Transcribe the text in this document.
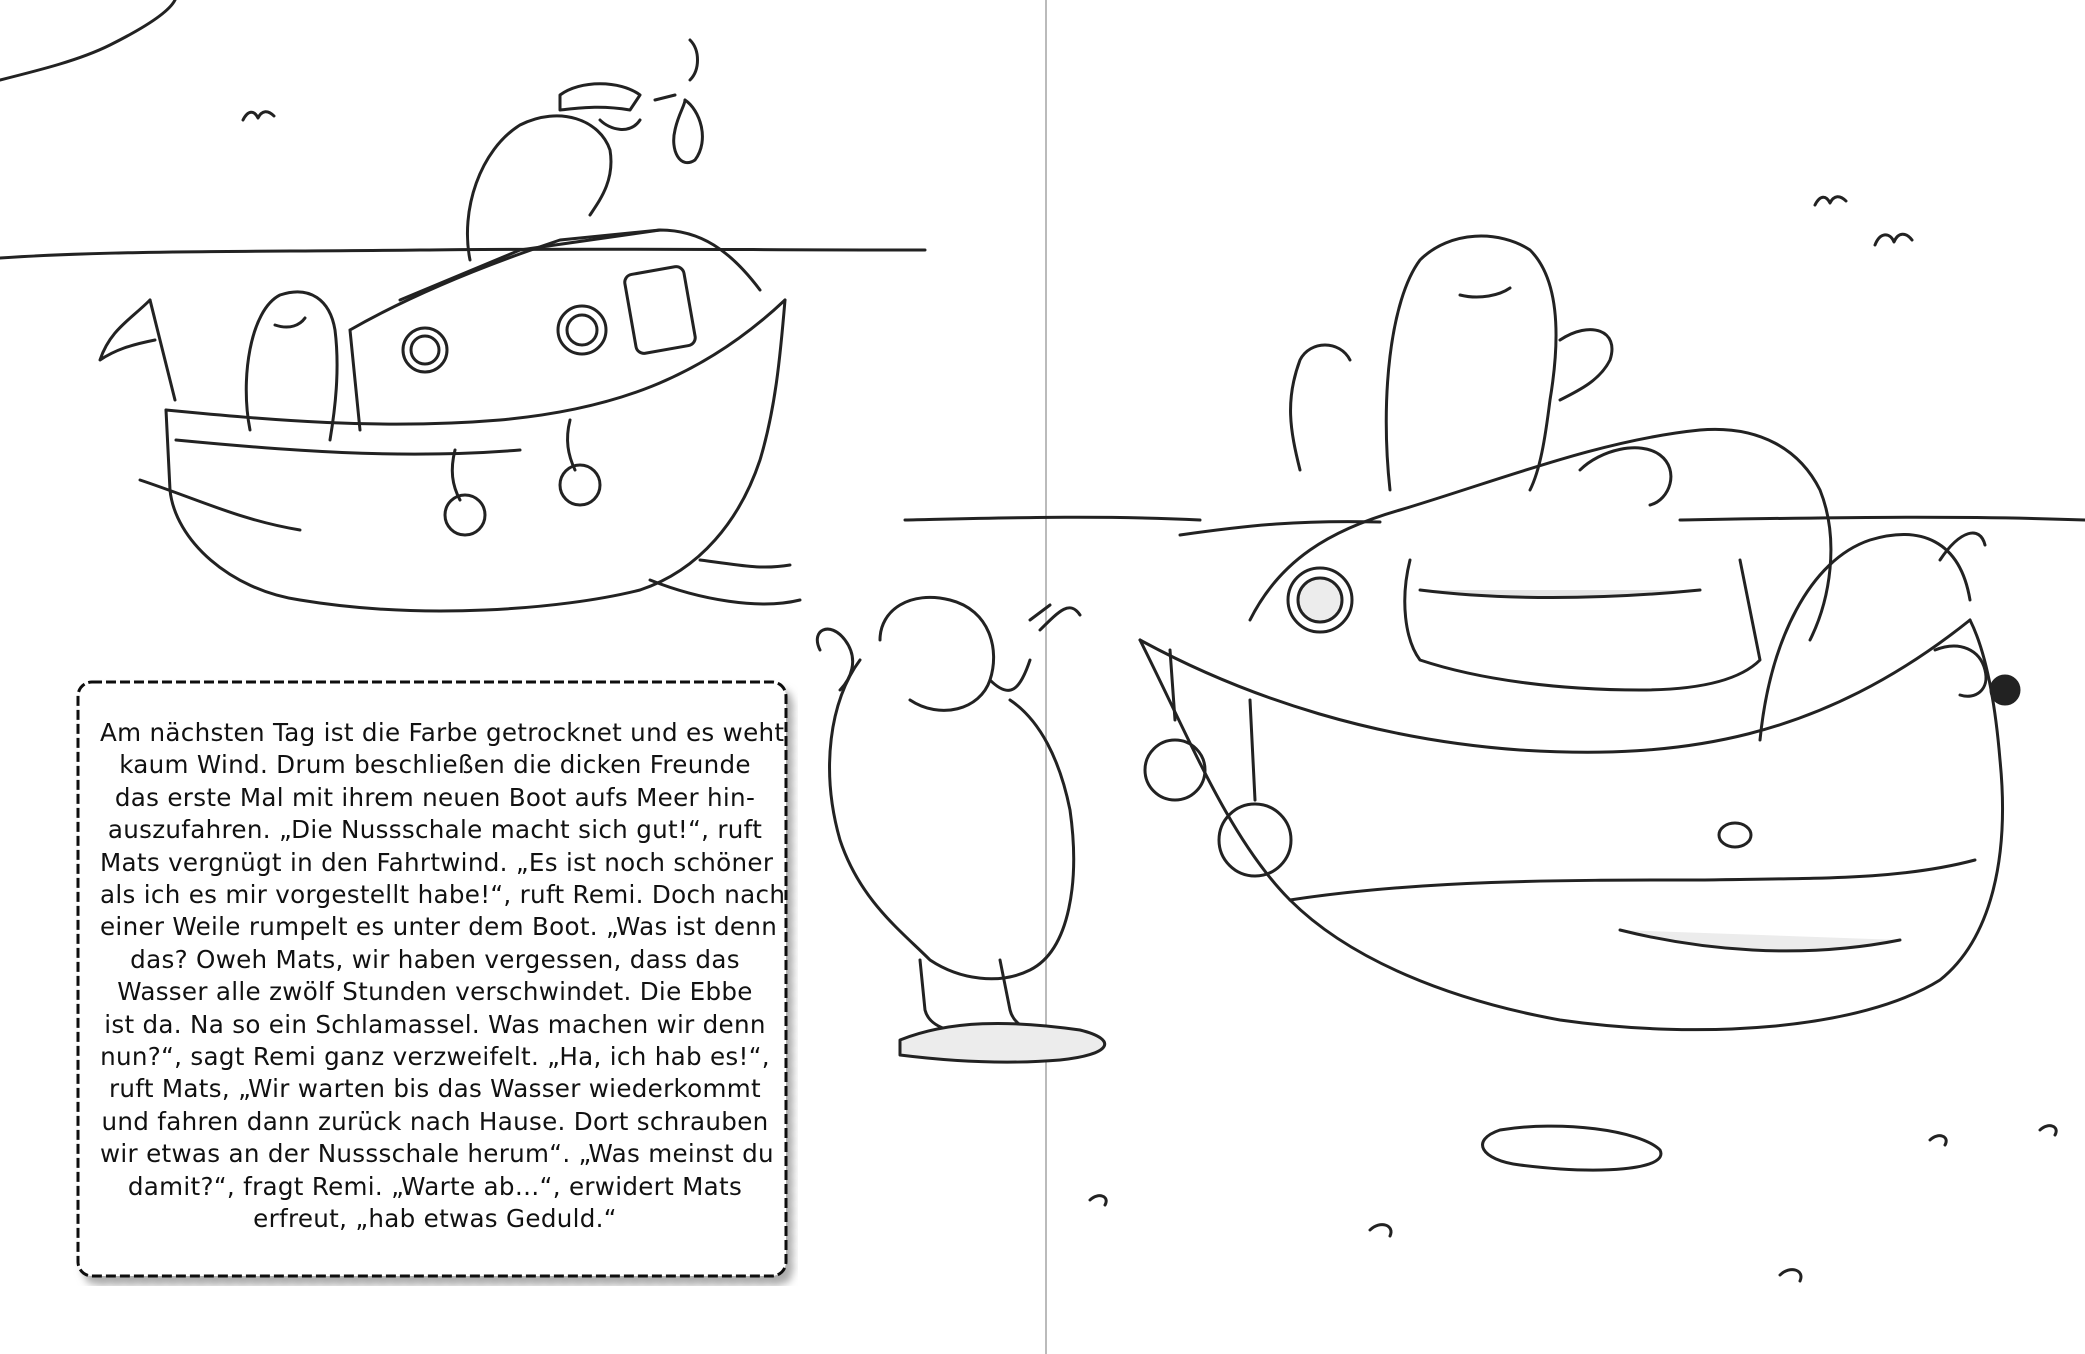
Am nächsten Tag ist die Farbe getrocknet und es weht
kaum Wind. Drum beschließen die dicken Freunde
das erste Mal mit ihrem neuen Boot aufs Meer hin-
auszufahren. „Die Nussschale macht sich gut!“, ruft
Mats vergnügt in den Fahrtwind. „Es ist noch schöner
als ich es mir vorgestellt habe!“, ruft Remi. Doch nach
einer Weile rumpelt es unter dem Boot. „Was ist denn
das? Oweh Mats, wir haben vergessen, dass das
Wasser alle zwölf Stunden verschwindet. Die Ebbe
ist da. Na so ein Schlamassel. Was machen wir denn
nun?“, sagt Remi ganz verzweifelt. „Ha, ich hab es!“,
ruft Mats, „Wir warten bis das Wasser wiederkommt
und fahren dann zurück nach Hause. Dort schrauben
wir etwas an der Nussschale herum“. „Was meinst du
damit?“, fragt Remi. „Warte ab…“, erwidert Mats
erfreut, „hab etwas Geduld.“
